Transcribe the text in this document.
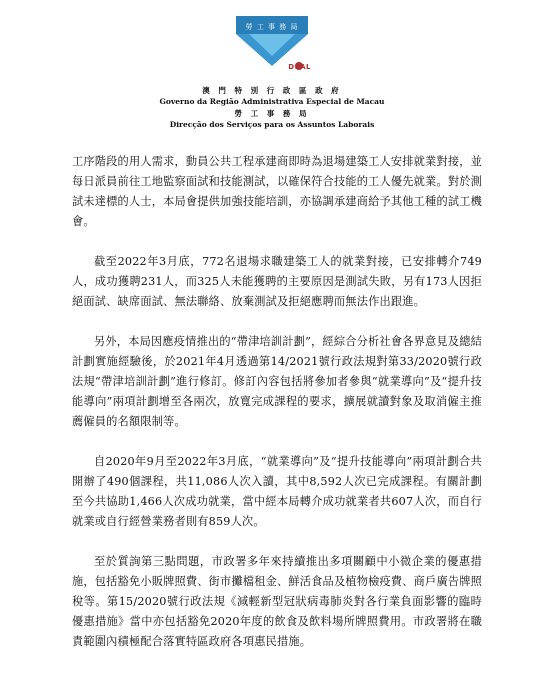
勞 工 事 務 局
DSAL
澳 門 特 別 行 政 區 政 府
Governo da Região Administrativa Especial de Macau
勞 工 事 務 局
Direcção dos Serviços para os Assuntos Laborais

工序階段的用人需求，動員公共工程承建商即時為退場建築工人安排就業對接，並每日派員前往工地監察面試和技能測試，以確保符合技能的工人優先就業。對於測試未達標的人士，本局會提供加強技能培訓，亦協調承建商給予其他工種的試工機會。

截至2022年3月底，772名退場求職建築工人的就業對接，已安排轉介749人，成功獲聘231人，而325人未能獲聘的主要原因是測試失敗，另有173人因拒絕面試、缺席面試、無法聯絡、放棄測試及拒絕應聘而無法作出跟進。

另外，本局因應疫情推出的“帶津培訓計劃”，經綜合分析社會各界意見及總結計劃實施經驗後，於2021年4月透過第14/2021號行政法規對第33/2020號行政法規“帶津培訓計劃”進行修訂。修訂內容包括將參加者參與“就業導向”及“提升技能導向”兩項計劃增至各兩次，放寬完成課程的要求，擴展就讀對象及取消僱主推薦僱員的名額限制等。

自2020年9月至2022年3月底，“就業導向”及“提升技能導向”兩項計劃合共開辦了490個課程，共11,086人次入讀，其中8,592人次已完成課程。有關計劃至今共協助1,466人次成功就業，當中經本局轉介成功就業者共607人次，而自行就業或自行經營業務者則有859人次。

至於質詢第三點問題，市政署多年來持續推出多項關顧中小微企業的優惠措施，包括豁免小販牌照費、街市攤檔租金、鮮活食品及植物檢疫費、商戶廣告牌照稅等。第15/2020號行政法規《減輕新型冠狀病毒肺炎對各行業負面影響的臨時優惠措施》當中亦包括豁免2020年度的飲食及飲料場所牌照費用。市政署將在職責範圍內積極配合落實特區政府各項惠民措施。
